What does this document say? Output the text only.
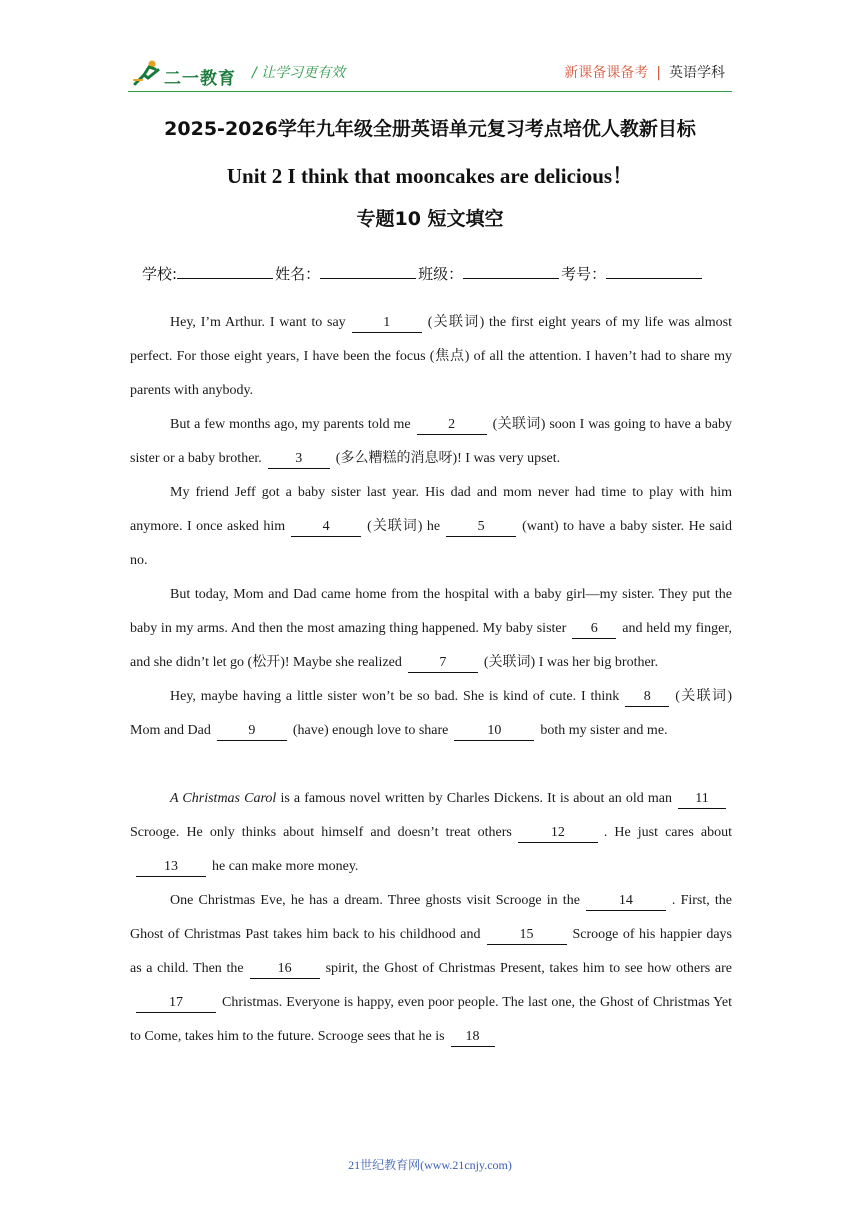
二一教育 / 让学习更有效	新课备课备考 | 英语学科
2025-2026学年九年级全册英语单元复习考点培优人教新目标
Unit 2 I think that mooncakes are delicious！
专题10 短文填空
学校:	姓名：	班级：	考号：

Hey, I’m Arthur. I want to say	1	(关联词) the first eight years of my life was almost perfect. For those eight years, I have been the focus (焦点) of all the attention. I haven’t had to share my parents with anybody.

But a few months ago, my parents told me	2	(关联词) soon I was going to have a baby sister or a baby brother. 3 (多么糟糕的消息呀)! I was very upset.

My friend Jeff got a baby sister last year. His dad and mom never had time to play with him anymore. I once asked him	4	(关联词) he	5	(want) to have a baby sister. He said no.

But today, Mom and Dad came home from the hospital with a baby girl—my sister. They put the baby in my arms. And then the most amazing thing happened. My baby sister 6 and held my finger, and she didn’t let go (松开)! Maybe she realized	7	(关联词) I was her big brother.

Hey, maybe having a little sister won’t be so bad. She is kind of cute. I think 8 (关联词) Mom and Dad	9	(have) enough love to share	10	both my sister and me.

A Christmas Carol is a famous novel written by Charles Dickens. It is about an old man 11Scrooge. He only thinks about himself and doesn’t treat others	12	. He just cares about13 he can make more money.

One Christmas Eve, he has a dream. Three ghosts visit Scrooge in the	14	. First, the Ghost of Christmas Past takes him back to his childhood and	15	Scrooge of his happier days as a child. Then the 16 spirit, the Ghost of Christmas Present, takes him to see how others are17	Christmas. Everyone is happy, even poor people. The last one, the Ghost of Christmas Yet to Come, takes him to the future. Scrooge sees that he is 18

21世纪教育网(www.21cnjy.com)
